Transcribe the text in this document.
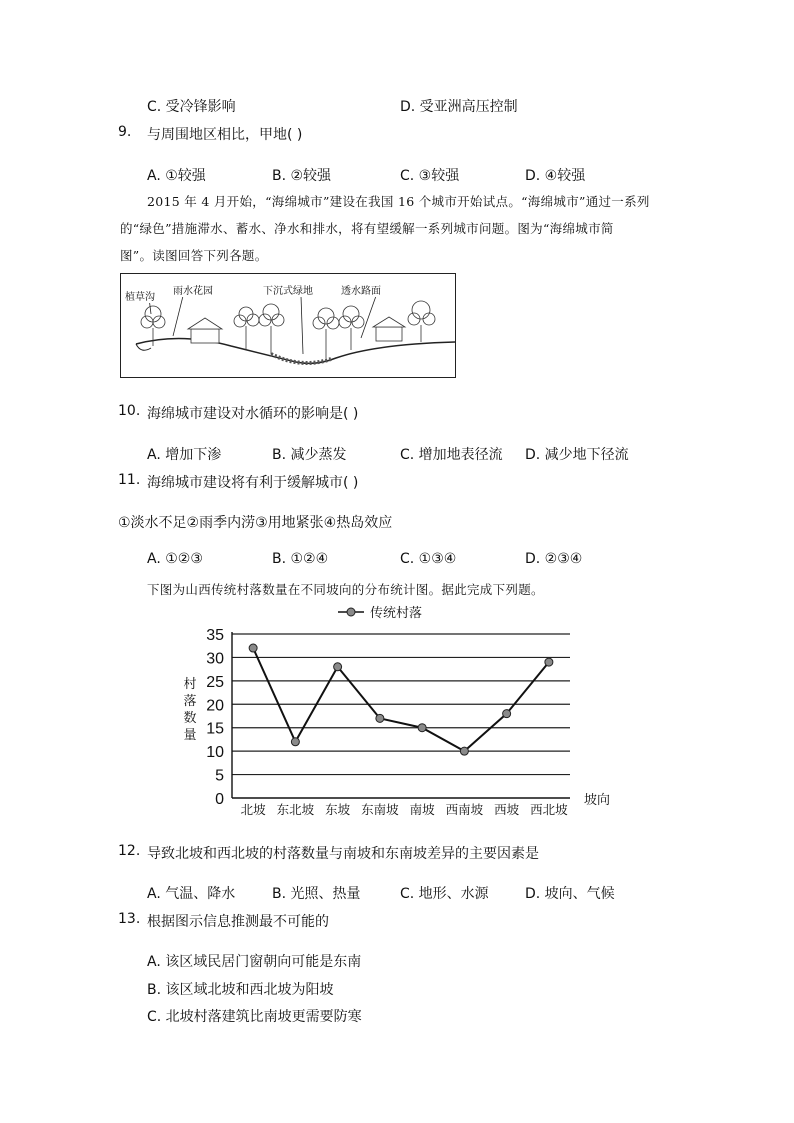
C. 受冷锋影响	D. 受亚洲高压控制
9. 与周围地区相比，甲地( )
A. ①较强	B. ②较强	C. ③较强	D. ④较强
2015 年 4 月开始，“海绵城市”建设在我国 16 个城市开始试点。“海绵城市”通过一系列
的“绿色”措施滞水、蓄水、净水和排水，将有望缓解一系列城市问题。图为“海绵城市简
图”。读图回答下列各题。
植草沟
雨水花园	下沉式绿地	透水路面
10. 海绵城市建设对水循环的影响是( )
A. 增加下渗	B. 减少蒸发	C. 增加地表径流 D. 减少地下径流
11. 海绵城市建设将有利于缓解城市( )
①淡水不足②雨季内涝③用地紧张④热岛效应
A. ①②③	B. ①②④	C. ①③④	D. ②③④
下图为山西传统村落数量在不同坡向的分布统计图。据此完成下列题。
0
5
10
15
20
25
30
35
北坡 东北坡 东坡 东南坡 南坡 西南坡 西坡 西北坡
坡向
村
落
数
量
传统村落
12. 导致北坡和西北坡的村落数量与南坡和东南坡差异的主要因素是
A. 气温、降水	B. 光照、热量	C. 地形、水源	D. 坡向、气候
13. 根据图示信息推测最不可能的
A. 该区域民居门窗朝向可能是东南
B. 该区域北坡和西北坡为阳坡
C. 北坡村落建筑比南坡更需要防寒
